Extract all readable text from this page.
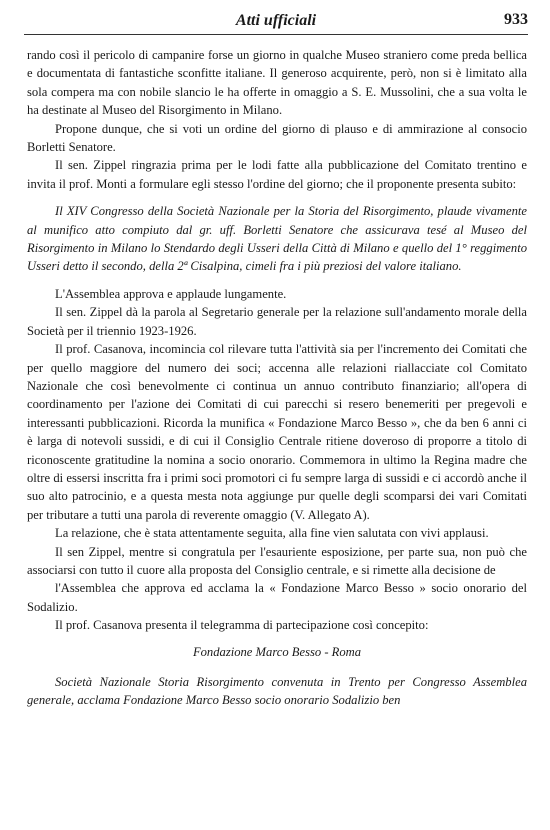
Atti ufficiali	933

rando così il pericolo di campanire forse un giorno in qualche Museo straniero come preda bellica e documentata di fantastiche sconfitte italiane. Il generoso acquirente, però, non si è limitato alla sola compera ma con nobile slancio le ha offerte in omaggio a S. E. Mussolini, che a sua volta le ha destinate al Museo del Risorgimento in Milano.

Propone dunque, che si voti un ordine del giorno di plauso e di ammirazione al consocio Borletti Senatore.

Il sen. Zippel ringrazia prima per le lodi fatte alla pubblicazione del Comitato trentino e invita il prof. Monti a formulare egli stesso l'ordine del giorno; che il proponente presenta subito:

Il XIV Congresso della Società Nazionale per la Storia del Risorgimento, plaude vivamente al munifico atto compiuto dal gr. uff. Borletti Senatore che assicurava tesé al Museo del Risorgimento in Milano lo Stendardo degli Usseri della Città di Milano e quello del 1° reggimento Usseri detto il secondo, della 2ª Cisalpina, cimeli fra i più preziosi del valore italiano.

L'Assemblea approva e applaude lungamente.

Il sen. Zippel dà la parola al Segretario generale per la relazione sull'andamento morale della Società per il triennio 1923-1926.

Il prof. Casanova, incomincia col rilevare tutta l'attività sia per l'incremento dei Comitati che per quello maggiore del numero dei soci; accenna alle relazioni riallacciate col Comitato Nazionale che così benevolmente ci continua un annuo contributo finanziario; all'opera di coordinamento per l'azione dei Comitati di cui parecchi si resero benemeriti per pregevoli e interessanti pubblicazioni. Ricorda la munifica « Fondazione Marco Besso », che da ben 6 anni ci è larga di notevoli sussidi, e di cui il Consiglio Centrale ritiene doveroso di proporre a titolo di riconoscente gratitudine la nomina a socio onorario. Commemora in ultimo la Regina madre che oltre di essersi inscritta fra i primi soci promotori ci fu sempre larga di sussidi e ci accordò anche il suo alto patrocinio, e a questa mesta nota aggiunge pur quelle degli scomparsi dei vari Comitati per tributare a tutti una parola di reverente omaggio (V. Allegato A).

La relazione, che è stata attentamente seguita, alla fine vien salutata con vivi applausi.

Il sen Zippel, mentre si congratula per l'esauriente esposizione, per parte sua, non può che associarsi con tutto il cuore alla proposta del Consiglio centrale, e si rimette alla decisione de

l'Assemblea che approva ed acclama la « Fondazione Marco Besso » socio onorario del Sodalizio.

Il prof. Casanova presenta il telegramma di partecipazione così concepito:

Fondazione Marco Besso - Roma

Società Nazionale Storia Risorgimento convenuta in Trento per Congresso Assemblea generale, acclama Fondazione Marco Besso socio onorario Sodalizio ben
